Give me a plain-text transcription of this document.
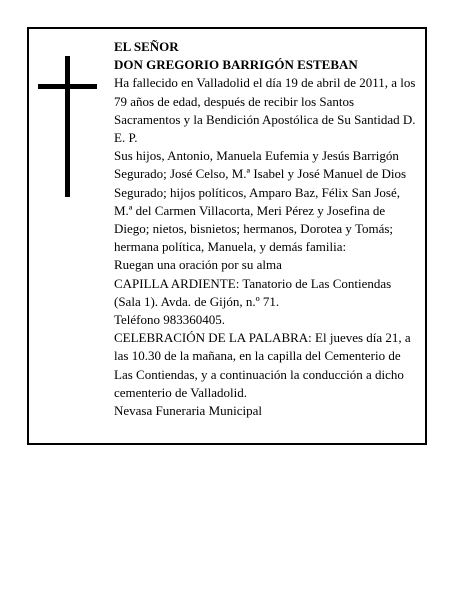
EL SEÑOR

DON GREGORIO BARRIGÓN ESTEBAN

Ha fallecido en Valladolid el día 19 de abril de 2011, a los 79 años de edad, después de recibir los Santos Sacramentos y la Bendición Apostólica de Su Santidad D. E. P.

Sus hijos, Antonio, Manuela Eufemia y Jesús Barrigón Segurado; José Celso, M.ª Isabel y José Manuel de Dios Segurado; hijos políticos, Amparo Baz, Félix San José, M.ª del Carmen Villacorta, Meri Pérez y Josefina de Diego; nietos, bisnietos; hermanos, Dorotea y Tomás; hermana política, Manuela, y demás familia:

Ruegan una oración por su alma

CAPILLA ARDIENTE: Tanatorio de Las Contiendas (Sala 1). Avda. de Gijón, n.º 71.

Teléfono 983360405.

CELEBRACIÓN DE LA PALABRA: El jueves día 21, a las 10.30 de la mañana, en la capilla del Cementerio de Las Contiendas, y a continuación la conducción a dicho cementerio de Valladolid.

Nevasa Funeraria Municipal
